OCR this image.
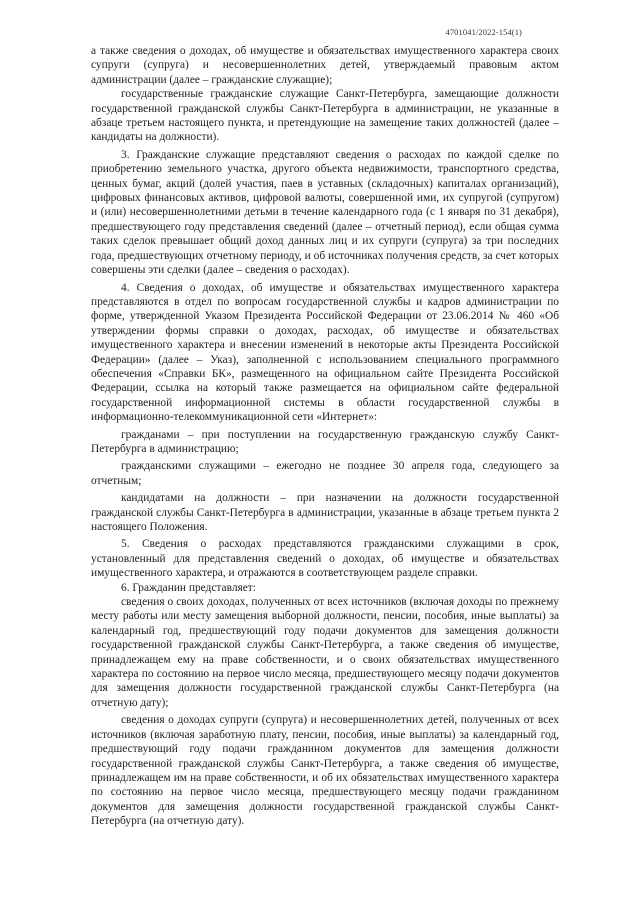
4701041/2022-154(1)

а также сведения о доходах, об имуществе и обязательствах имущественного характера своих супруги (супруга) и несовершеннолетних детей, утверждаемый правовым актом администрации (далее – гражданские служащие);

государственные гражданские служащие Санкт-Петербурга, замещающие должности государственной гражданской службы Санкт-Петербурга в администрации, не указанные в абзаце третьем настоящего пункта, и претендующие на замещение таких должностей (далее – кандидаты на должности).

3. Гражданские служащие представляют сведения о расходах по каждой сделке по приобретению земельного участка, другого объекта недвижимости, транспортного средства, ценных бумаг, акций (долей участия, паев в уставных (складочных) капиталах организаций), цифровых финансовых активов, цифровой валюты, совершенной ими, их супругой (супругом) и (или) несовершеннолетними детьми в течение календарного года (с 1 января по 31 декабря), предшествующего году представления сведений (далее – отчетный период), если общая сумма таких сделок превышает общий доход данных лиц и их супруги (супруга) за три последних года, предшествующих отчетному периоду, и об источниках получения средств, за счет которых совершены эти сделки (далее – сведения о расходах).

4. Сведения о доходах, об имуществе и обязательствах имущественного характера представляются в отдел по вопросам государственной службы и кадров администрации по форме, утвержденной Указом Президента Российской Федерации от 23.06.2014 № 460 «Об утверждении формы справки о доходах, расходах, об имуществе и обязательствах имущественного характера и внесении изменений в некоторые акты Президента Российской Федерации» (далее – Указ), заполненной с использованием специального программного обеспечения «Справки БК», размещенного на официальном сайте Президента Российской Федерации, ссылка на который также размещается на официальном сайте федеральной государственной информационной системы в области государственной службы в информационно-телекоммуникационной сети «Интернет»:

гражданами – при поступлении на государственную гражданскую службу Санкт-Петербурга в администрацию;

гражданскими служащими – ежегодно не позднее 30 апреля года, следующего за отчетным;

кандидатами на должности – при назначении на должности государственной гражданской службы Санкт-Петербурга в администрации, указанные в абзаце третьем пункта 2 настоящего Положения.

5. Сведения о расходах представляются гражданскими служащими в срок, установленный для представления сведений о доходах, об имуществе и обязательствах имущественного характера, и отражаются в соответствующем разделе справки.

6. Гражданин представляет:

сведения о своих доходах, полученных от всех источников (включая доходы по прежнему месту работы или месту замещения выборной должности, пенсии, пособия, иные выплаты) за календарный год, предшествующий году подачи документов для замещения должности государственной гражданской службы Санкт-Петербурга, а также сведения об имуществе, принадлежащем ему на праве собственности, и о своих обязательствах имущественного характера по состоянию на первое число месяца, предшествующего месяцу подачи документов для замещения должности государственной гражданской службы Санкт-Петербурга (на отчетную дату);

сведения о доходах супруги (супруга) и несовершеннолетних детей, полученных от всех источников (включая заработную плату, пенсии, пособия, иные выплаты) за календарный год, предшествующий году подачи гражданином документов для замещения должности государственной гражданской службы Санкт-Петербурга, а также сведения об имуществе, принадлежащем им на праве собственности, и об их обязательствах имущественного характера по состоянию на первое число месяца, предшествующего месяцу подачи гражданином документов для замещения должности государственной гражданской службы Санкт-Петербурга (на отчетную дату).
